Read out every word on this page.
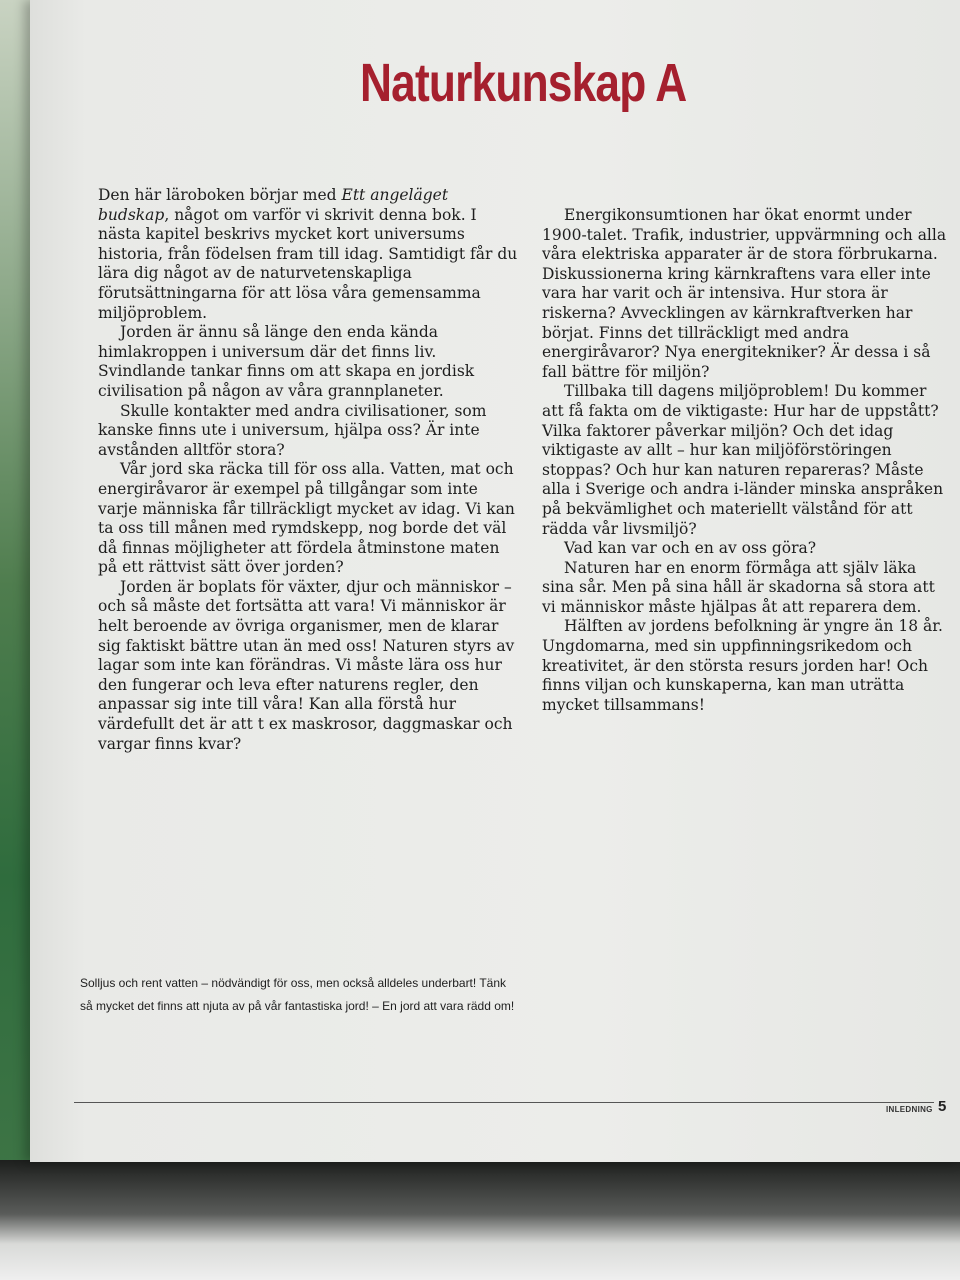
Naturkunskap A

Den här läroboken börjar med Ett angeläget budskap, något om varför vi skrivit denna bok. I nästa kapitel beskrivs mycket kort universums historia, från födelsen fram till idag. Samtidigt får du lära dig något av de naturvetenskapliga förutsättningarna för att lösa våra gemensamma miljöproblem.

Jorden är ännu så länge den enda kända himlakroppen i universum där det finns liv. Svindlande tankar finns om att skapa en jordisk civilisation på någon av våra grannplaneter.

Skulle kontakter med andra civilisationer, som kanske finns ute i universum, hjälpa oss? Är inte avstånden alltför stora?

Vår jord ska räcka till för oss alla. Vatten, mat och energiråvaror är exempel på tillgångar som inte varje människa får tillräckligt mycket av idag. Vi kan ta oss till månen med rymdskepp, nog borde det väl då finnas möjligheter att fördela åtminstone maten på ett rättvist sätt över jorden?

Jorden är boplats för växter, djur och människor – och så måste det fortsätta att vara! Vi människor är helt beroende av övriga organismer, men de klarar sig faktiskt bättre utan än med oss! Naturen styrs av lagar som inte kan förändras. Vi måste lära oss hur den fungerar och leva efter naturens regler, den anpassar sig inte till våra! Kan alla förstå hur värdefullt det är att t ex maskrosor, daggmaskar och vargar finns kvar?

Energikonsumtionen har ökat enormt under 1900-talet. Trafik, industrier, uppvärmning och alla våra elektriska apparater är de stora förbrukarna. Diskussionerna kring kärnkraftens vara eller inte vara har varit och är intensiva. Hur stora är riskerna? Avvecklingen av kärnkraftverken har börjat. Finns det tillräckligt med andra energiråvaror? Nya energitekniker? Är dessa i så fall bättre för miljön?

Tillbaka till dagens miljöproblem! Du kommer att få fakta om de viktigaste: Hur har de uppstått? Vilka faktorer påverkar miljön? Och det idag viktigaste av allt – hur kan miljöförstöringen stoppas? Och hur kan naturen repareras? Måste alla i Sverige och andra i-länder minska anspråken på bekvämlighet och materiellt välstånd för att rädda vår livsmiljö?

Vad kan var och en av oss göra?

Naturen har en enorm förmåga att själv läka sina sår. Men på sina håll är skadorna så stora att vi människor måste hjälpas åt att reparera dem.

Hälften av jordens befolkning är yngre än 18 år. Ungdomarna, med sin uppfinningsrikedom och kreativitet, är den största resurs jorden har! Och finns viljan och kunskaperna, kan man uträtta mycket tillsammans!

Solljus och rent vatten – nödvändigt för oss, men också alldeles underbart! Tänk så mycket det finns att njuta av på vår fantastiska jord! – En jord att vara rädd om!
INLEDNING 5
